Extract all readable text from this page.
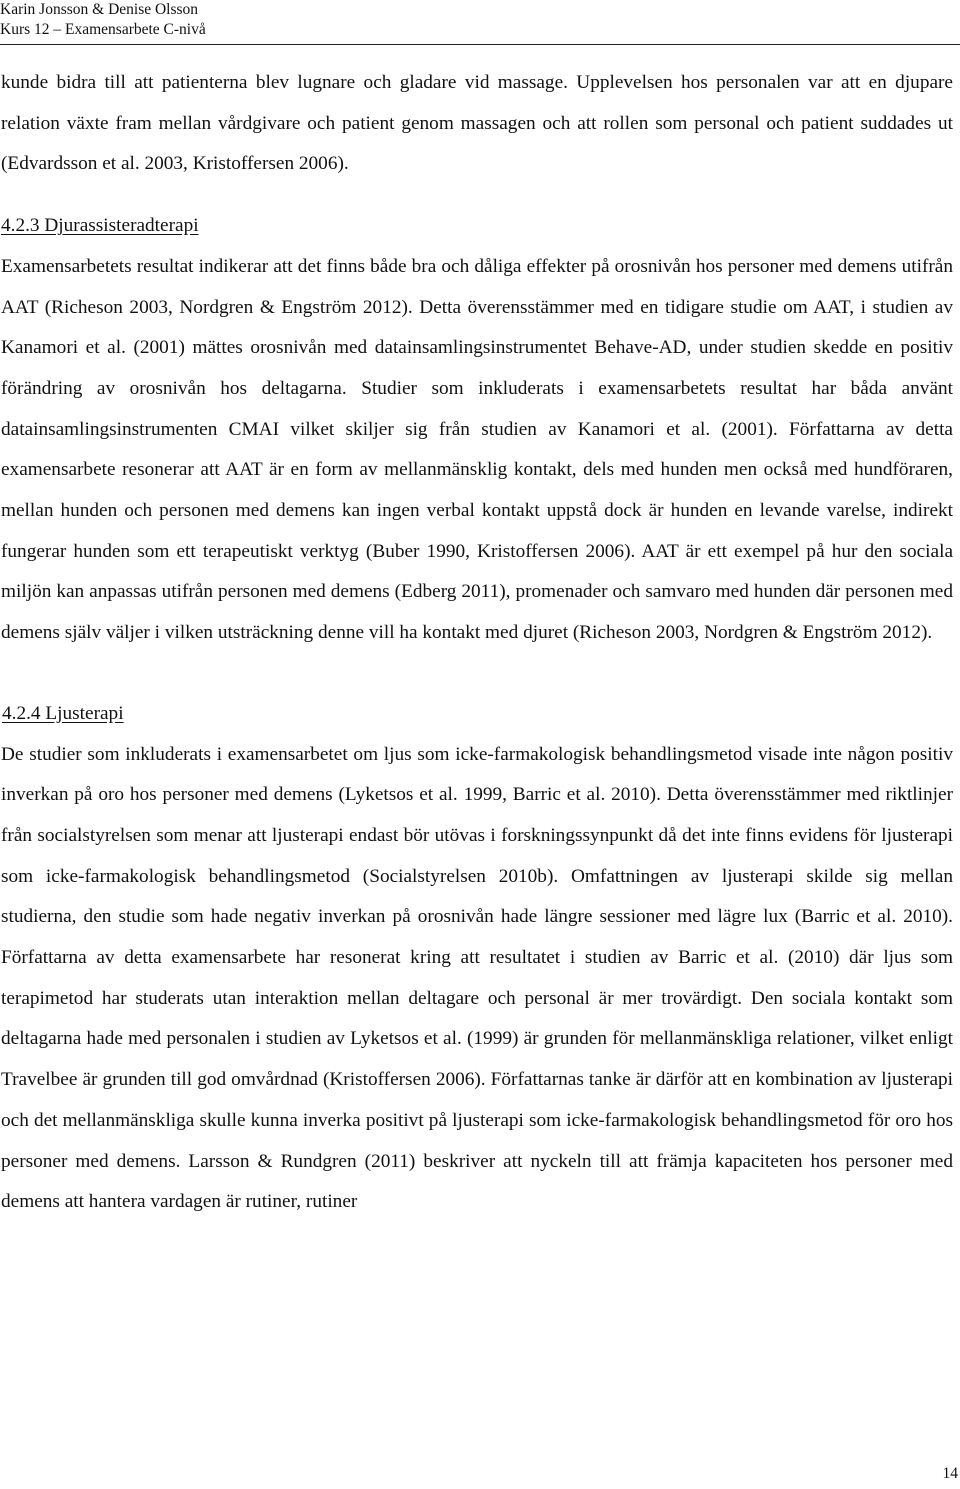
Karin Jonsson & Denise Olsson
Kurs 12 – Examensarbete C-nivå

kunde bidra till att patienterna blev lugnare och gladare vid massage. Upplevelsen hos personalen var att en djupare relation växte fram mellan vårdgivare och patient genom massagen och att rollen som personal och patient suddades ut (Edvardsson et al. 2003, Kristoffersen 2006).

4.2.3 Djurassisteradterapi

Examensarbetets resultat indikerar att det finns både bra och dåliga effekter på orosnivån hos personer med demens utifrån AAT (Richeson 2003, Nordgren & Engström 2012). Detta överensstämmer med en tidigare studie om AAT, i studien av Kanamori et al. (2001) mättes orosnivån med datainsamlingsinstrumentet Behave-AD, under studien skedde en positiv förändring av orosnivån hos deltagarna. Studier som inkluderats i examensarbetets resultat har båda använt datainsamlingsinstrumenten CMAI vilket skiljer sig från studien av Kanamori et al. (2001). Författarna av detta examensarbete resonerar att AAT är en form av mellanmänsklig kontakt, dels med hunden men också med hundföraren, mellan hunden och personen med demens kan ingen verbal kontakt uppstå dock är hunden en levande varelse, indirekt fungerar hunden som ett terapeutiskt verktyg (Buber 1990, Kristoffersen 2006). AAT är ett exempel på hur den sociala miljön kan anpassas utifrån personen med demens (Edberg 2011), promenader och samvaro med hunden där personen med demens själv väljer i vilken utsträckning denne vill ha kontakt med djuret (Richeson 2003, Nordgren & Engström 2012).

4.2.4 Ljusterapi

De studier som inkluderats i examensarbetet om ljus som icke-farmakologisk behandlingsmetod visade inte någon positiv inverkan på oro hos personer med demens (Lyketsos et al. 1999, Barric et al. 2010). Detta överensstämmer med riktlinjer från socialstyrelsen som menar att ljusterapi endast bör utövas i forskningssynpunkt då det inte finns evidens för ljusterapi som icke-farmakologisk behandlingsmetod (Socialstyrelsen 2010b). Omfattningen av ljusterapi skilde sig mellan studierna, den studie som hade negativ inverkan på orosnivån hade längre sessioner med lägre lux (Barric et al. 2010). Författarna av detta examensarbete har resonerat kring att resultatet i studien av Barric et al. (2010) där ljus som terapimetod har studerats utan interaktion mellan deltagare och personal är mer trovärdigt. Den sociala kontakt som deltagarna hade med personalen i studien av Lyketsos et al. (1999) är grunden för mellanmänskliga relationer, vilket enligt Travelbee är grunden till god omvårdnad (Kristoffersen 2006). Författarnas tanke är därför att en kombination av ljusterapi och det mellanmänskliga skulle kunna inverka positivt på ljusterapi som icke-farmakologisk behandlingsmetod för oro hos personer med demens. Larsson & Rundgren (2011) beskriver att nyckeln till att främja kapaciteten hos personer med demens att hantera vardagen är rutiner, rutiner

14
